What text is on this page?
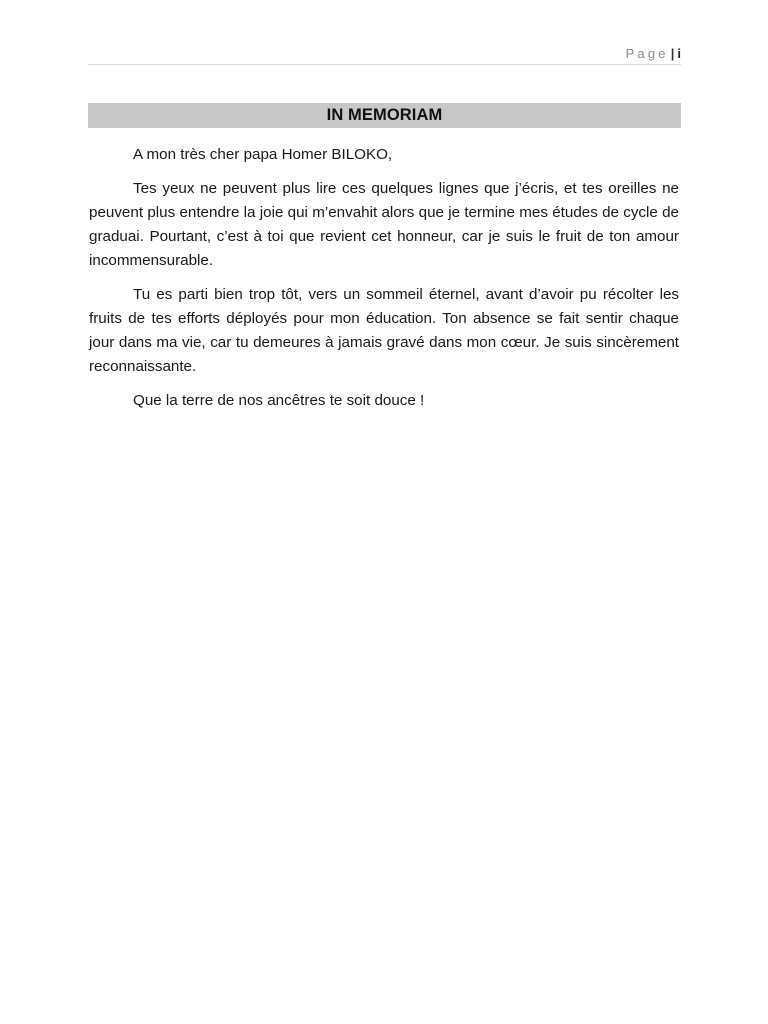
Page | i
IN MEMORIAM

A mon très cher papa Homer BILOKO,

Tes yeux ne peuvent plus lire ces quelques lignes que j’écris, et tes oreilles ne peuvent plus entendre la joie qui m’envahit alors que je termine mes études de cycle de graduai. Pourtant, c’est à toi que revient cet honneur, car je suis le fruit de ton amour incommensurable.

Tu es parti bien trop tôt, vers un sommeil éternel, avant d’avoir pu récolter les fruits de tes efforts déployés pour mon éducation. Ton absence se fait sentir chaque jour dans ma vie, car tu demeures à jamais gravé dans mon cœur. Je suis sincèrement reconnaissante.

Que la terre de nos ancêtres te soit douce !
